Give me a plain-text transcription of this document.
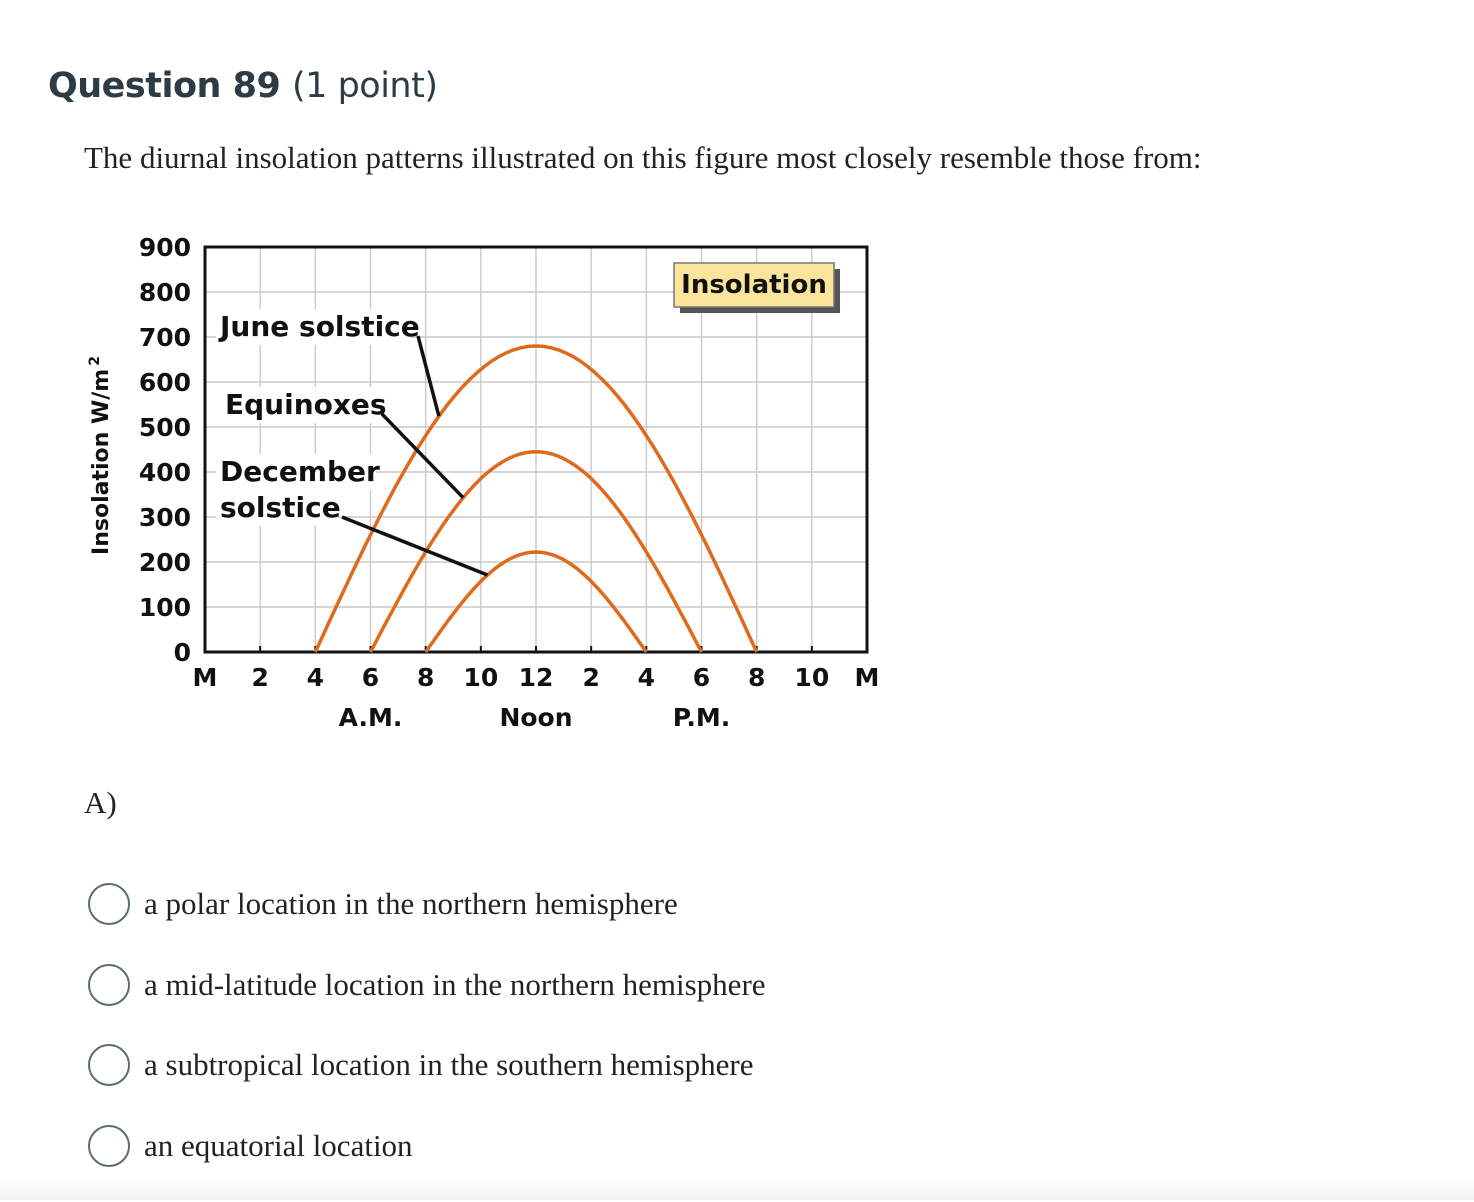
Question 89 (1 point)

The diurnal insolation patterns illustrated on this figure most closely resemble those from:

0
100
200
300
400
500
600
700
800
900
M 2 4 6 8 10 12 2 4 6 8 10 M
A.M.	Noon	P.M.
Insolation $W/m^2$
June solstice
Equinoxes
December
solstice
Insolation
A)
a polar location in the northern hemisphere
a mid-latitude location in the northern hemisphere
a subtropical location in the southern hemisphere
an equatorial location
